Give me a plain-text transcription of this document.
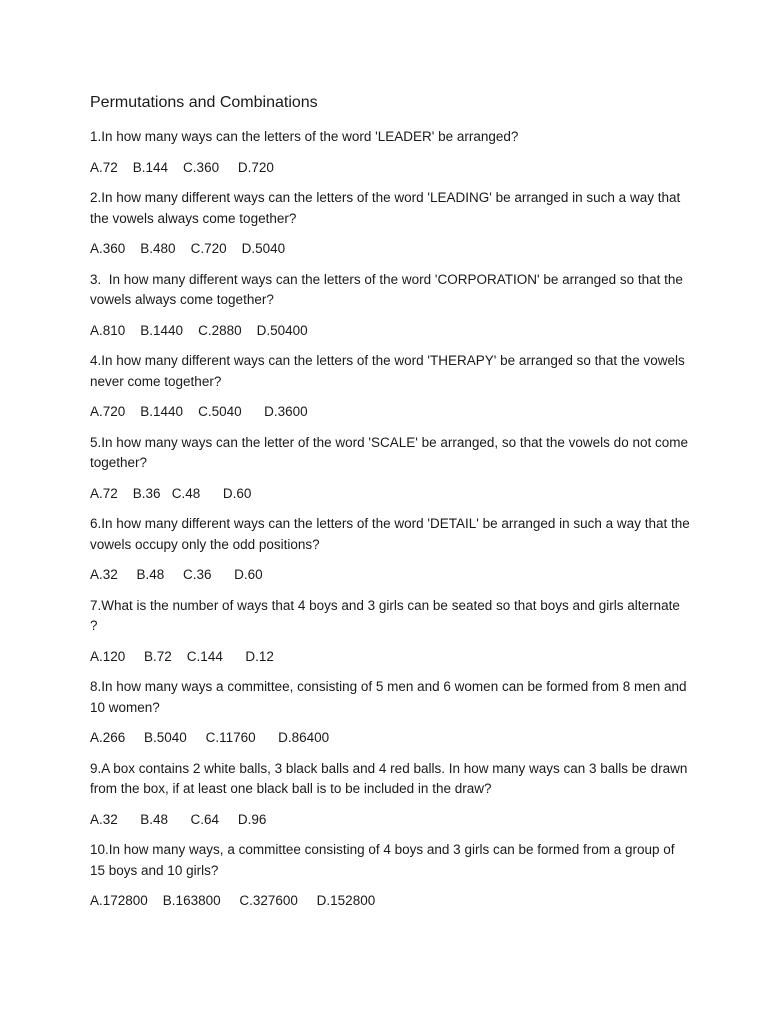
Permutations and Combinations

1.In how many ways can the letters of the word 'LEADER' be arranged?

A.72    B.144    C.360     D.720

2.In how many different ways can the letters of the word 'LEADING' be arranged in such a way that the vowels always come together?

A.360    B.480    C.720    D.5040

3.  In how many different ways can the letters of the word 'CORPORATION' be arranged so that the vowels always come together?

A.810    B.1440    C.2880    D.50400

4.In how many different ways can the letters of the word 'THERAPY' be arranged so that the vowels never come together?

A.720    B.1440    C.5040      D.3600

5.In how many ways can the letter of the word 'SCALE' be arranged, so that the vowels do not come together?

A.72    B.36   C.48      D.60

6.In how many different ways can the letters of the word 'DETAIL' be arranged in such a way that the vowels occupy only the odd positions?

A.32     B.48     C.36      D.60

7.What is the number of ways that 4 boys and 3 girls can be seated so that boys and girls alternate ?

A.120     B.72    C.144      D.12

8.In how many ways a committee, consisting of 5 men and 6 women can be formed from 8 men and 10 women?

A.266     B.5040     C.11760      D.86400

9.A box contains 2 white balls, 3 black balls and 4 red balls. In how many ways can 3 balls be drawn from the box, if at least one black ball is to be included in the draw?

A.32      B.48      C.64     D.96

10.In how many ways, a committee consisting of 4 boys and 3 girls can be formed from a group of 15 boys and 10 girls?

A.172800    B.163800     C.327600     D.152800
